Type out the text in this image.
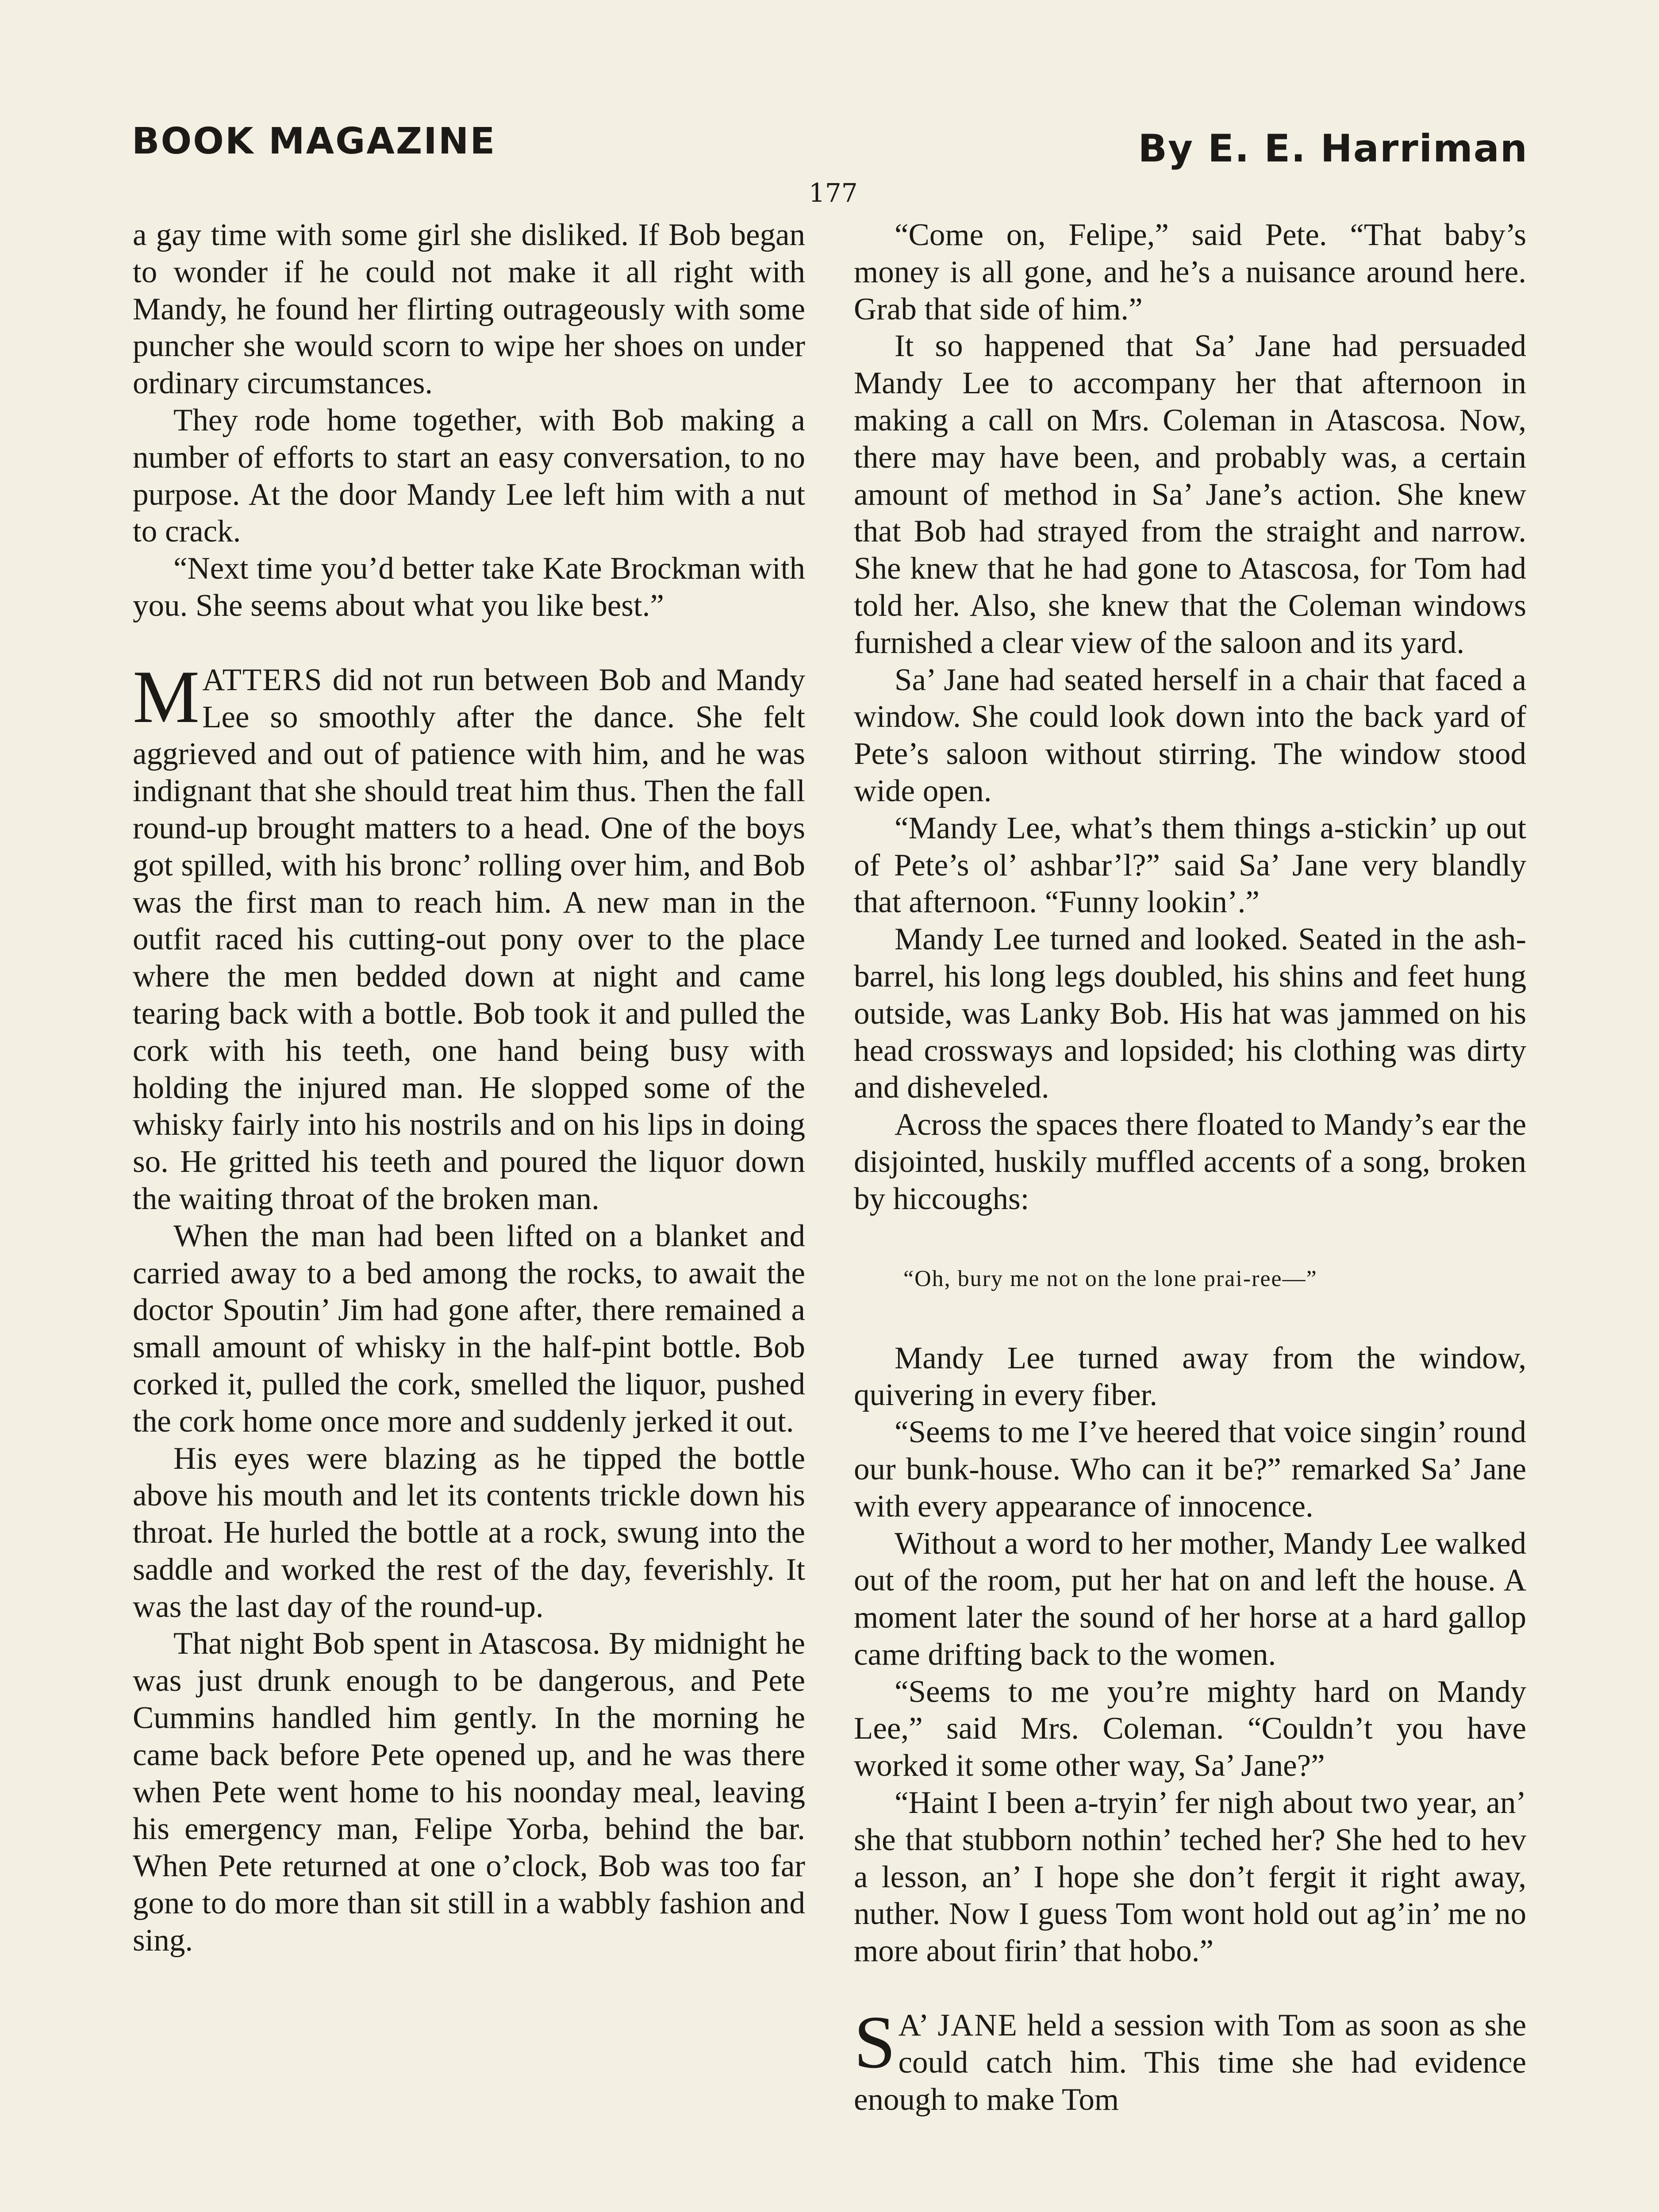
BOOK MAGAZINE	By E. E. Harriman
177

a gay time with some girl she disliked. If Bob began to wonder if he could not make it all right with Mandy, he found her flirting outrageously with some puncher she would scorn to wipe her shoes on under ordinary circumstances.

They rode home together, with Bob making a number of efforts to start an easy conversation, to no purpose. At the door Mandy Lee left him with a nut to crack.

“Next time you’d better take Kate Brockman with you. She seems about what you like best.”

MATTERS did not run between Bob and Mandy Lee so smoothly after the dance. She felt aggrieved and out of patience with him, and he was indignant that she should treat him thus. Then the fall round-up brought matters to a head. One of the boys got spilled, with his bronc’ rolling over him, and Bob was the first man to reach him. A new man in the outfit raced his cutting-out pony over to the place where the men bedded down at night and came tearing back with a bottle. Bob took it and pulled the cork with his teeth, one hand being busy with holding the injured man. He slopped some of the whisky fairly into his nostrils and on his lips in doing so. He gritted his teeth and poured the liquor down the waiting throat of the broken man.

When the man had been lifted on a blanket and carried away to a bed among the rocks, to await the doctor Spoutin’ Jim had gone after, there remained a small amount of whisky in the half-pint bottle. Bob corked it, pulled the cork, smelled the liquor, pushed the cork home once more and suddenly jerked it out.

His eyes were blazing as he tipped the bottle above his mouth and let its contents trickle down his throat. He hurled the bottle at a rock, swung into the saddle and worked the rest of the day, feverishly. It was the last day of the round-up.

That night Bob spent in Atascosa. By midnight he was just drunk enough to be dangerous, and Pete Cummins handled him gently. In the morning he came back before Pete opened up, and he was there when Pete went home to his noonday meal, leaving his emergency man, Felipe Yorba, behind the bar. When Pete returned at one o’clock, Bob was too far gone to do more than sit still in a wabbly fashion and sing.

“Come on, Felipe,” said Pete. “That baby’s money is all gone, and he’s a nuisance around here. Grab that side of him.”

It so happened that Sa’ Jane had persuaded Mandy Lee to accompany her that afternoon in making a call on Mrs. Coleman in Atascosa. Now, there may have been, and probably was, a certain amount of method in Sa’ Jane’s action. She knew that Bob had strayed from the straight and narrow. She knew that he had gone to Atascosa, for Tom had told her. Also, she knew that the Coleman windows furnished a clear view of the saloon and its yard.

Sa’ Jane had seated herself in a chair that faced a window. She could look down into the back yard of Pete’s saloon without stirring. The window stood wide open.

“Mandy Lee, what’s them things a-stickin’ up out of Pete’s ol’ ashbar’l?” said Sa’ Jane very blandly that afternoon. “Funny lookin’.”

Mandy Lee turned and looked. Seated in the ash-barrel, his long legs doubled, his shins and feet hung outside, was Lanky Bob. His hat was jammed on his head crossways and lopsided; his clothing was dirty and disheveled.

Across the spaces there floated to Mandy’s ear the disjointed, huskily muffled accents of a song, broken by hiccoughs:

“Oh, bury me not on the lone prai-ree—”

Mandy Lee turned away from the window, quivering in every fiber.

“Seems to me I’ve heered that voice singin’ round our bunk-house. Who can it be?” remarked Sa’ Jane with every appearance of innocence.

Without a word to her mother, Mandy Lee walked out of the room, put her hat on and left the house. A moment later the sound of her horse at a hard gallop came drifting back to the women.

“Seems to me you’re mighty hard on Mandy Lee,” said Mrs. Coleman. “Couldn’t you have worked it some other way, Sa’ Jane?”

“Haint I been a-tryin’ fer nigh about two year, an’ she that stubborn nothin’ teched her? She hed to hev a lesson, an’ I hope she don’t fergit it right away, nuther. Now I guess Tom wont hold out ag’in’ me no more about firin’ that hobo.”

S A’ JANE held a session with Tom as soon as she could catch him. This time she had evidence enough to make Tom
